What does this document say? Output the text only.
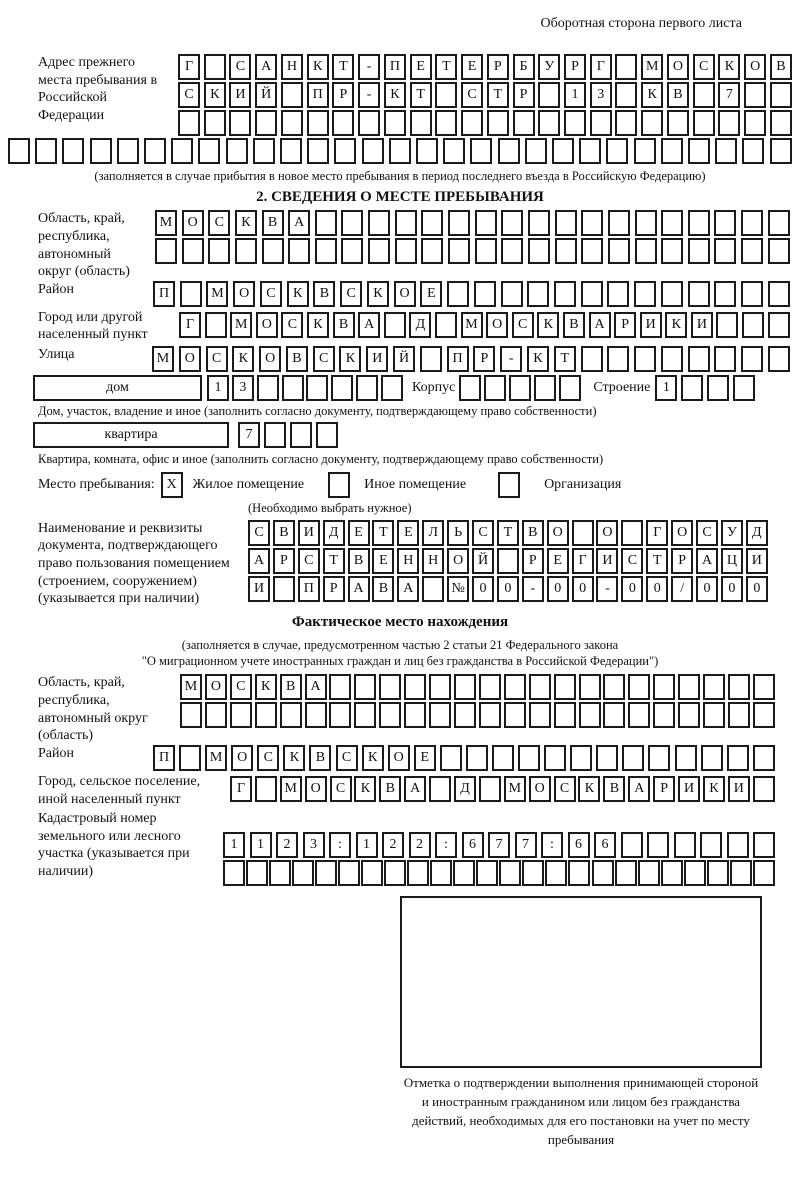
Оборотная сторона первого листа
Адрес прежнего места пребывания в Российской Федерации
Г	С	А	Н	К	Т	-	П	Е	Т	Е	Р	Б	У	Р	Г	М	О	С	К	О	В
С	К	И	Й	П	Р	-	К	Т	С	Т	Р	1	3	К	В	7
(заполняется в случае прибытия в новое место пребывания в период последнего въезда в Российскую Федерацию)
2. СВЕДЕНИЯ О МЕСТЕ ПРЕБЫВАНИЯ
Область, край, республика, автономный округ (область)
М	О	С	К	В	А
Район	П	М	О	С	К	В	С	К	О	Е
Город или другой населенный пункт
Г	М	О	С	К	В	А	Д	М	О	С	К	В	А	Р	И	К	И
Улица	М	О	С	К	О	В	С	К	И	Й	П	Р	-	К	Т
дом	1	3	Корпус	Строение 1
Дом, участок, владение и иное (заполнить согласно документу, подтверждающему право собственности)
квартира	7
Квартира, комната, офис и иное (заполнить согласно документу, подтверждающему право собственности)
Место пребывания: X	Жилое помещение	Иное помещение	Организация
(Необходимо выбрать нужное)
Наименование и реквизиты документа, подтверждающего право пользования помещением (строением, сооружением) (указывается при наличии)
С	В	И	Д	Е	Т	Е	Л	Ь	С	Т	В	О	О	Г	О	С	У	Д
А	Р	С	Т	В	Е	Н	Н	О	Й	Р	Е	Г	И	С	Т	Р	А	Ц	И
И	П	Р	А	В	А	№	0	0	-	0	0	-	0	0	/	0	0	0
Фактическое место нахождения
(заполняется в случае, предусмотренном частью 2 статьи 21 Федерального закона
"О миграционном учете иностранных граждан и лиц без гражданства в Российской Федерации")
Область, край, республика, автономный округ (область)
М О	С	К	В	А
Район	П	М	О	С	К	В	С	К	О	Е
Город, сельское поселение, иной населенный пункт
Г	М О	С	К	В	А	Д	М О	С	К	В	А	Р	И	К	И
Кадастровый номер земельного или лесного участка (указывается при наличии)
1	1	2	3	:	1	2	2	:	6	7	7	:	6	6
Отметка о подтверждении выполнения принимающей стороной и иностранным гражданином или лицом без гражданства действий, необходимых для его постановки на учет по месту пребывания
